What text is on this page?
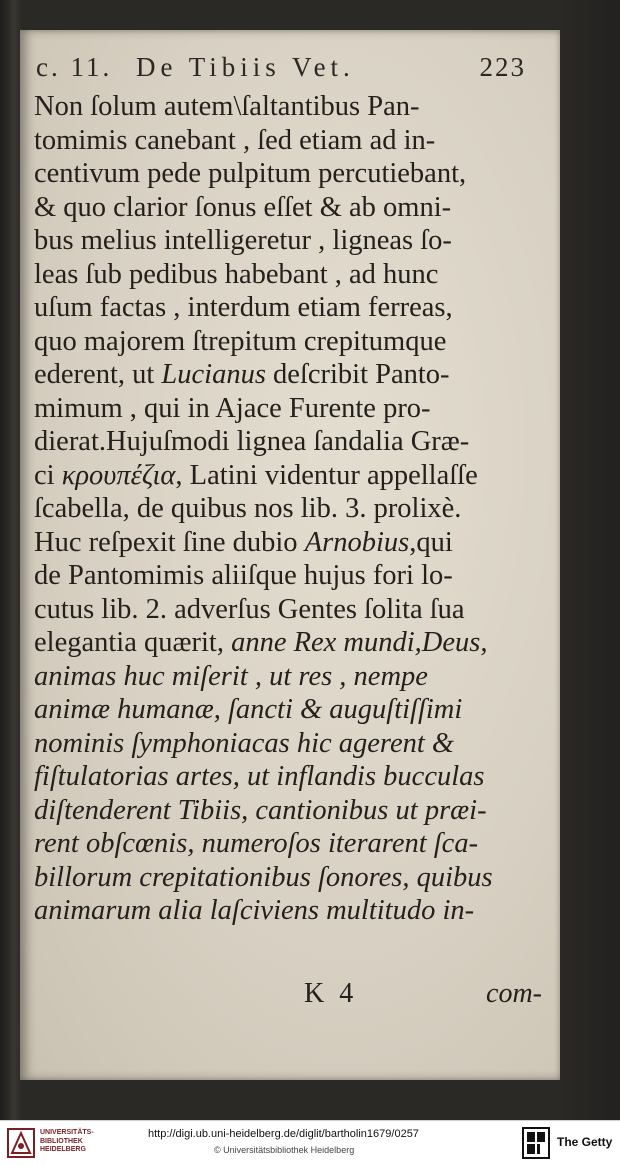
c. 11. De Tibiis Vet.	223
Non ſolum autem\ſaltantibus Pan-
tomimis canebant , ſed etiam ad in-
centivum pede pulpitum percutiebant,
& quo clarior ſonus eſſet & ab omni-
bus melius intelligeretur , ligneas ſo-
leas ſub pedibus habebant , ad hunc
uſum factas , interdum etiam ferreas,
quo majorem ſtrepitum crepitumque
ederent, ut Lucianus deſcribit Panto-
mimum , qui in Ajace Furente pro-
dierat.Hujuſmodi lignea ſandalia Græ-
ci κρουπέζια, Latini videntur appellaſſe
ſcabella, de quibus nos lib. 3. prolixè.
Huc reſpexit ſine dubio Arnobius,qui
de Pantomimis aliiſque hujus fori lo-
cutus lib. 2. adverſus Gentes ſolita ſua
elegantia quærit, anne Rex mundi,Deus,
animas huc miſerit , ut res , nempe
animæ humanæ, ſancti & auguſtiſſimi
nominis ſymphoniacas hic agerent &
fiſtulatorias artes, ut inflandis bucculas
diſtenderent Tibiis, cantionibus ut præi-
rent obſcœnis, numeroſos iterarent ſca-
billorum crepitationibus ſonores, quibus
animarum alia laſciviens multitudo in-
K 4	com-
UNIVERSITÄTS-
BIBLIOTHEK
HEIDELBERG
http://digi.ub.uni-heidelberg.de/diglit/bartholin1679/0257
© Universitätsbibliothek Heidelberg
The Getty
